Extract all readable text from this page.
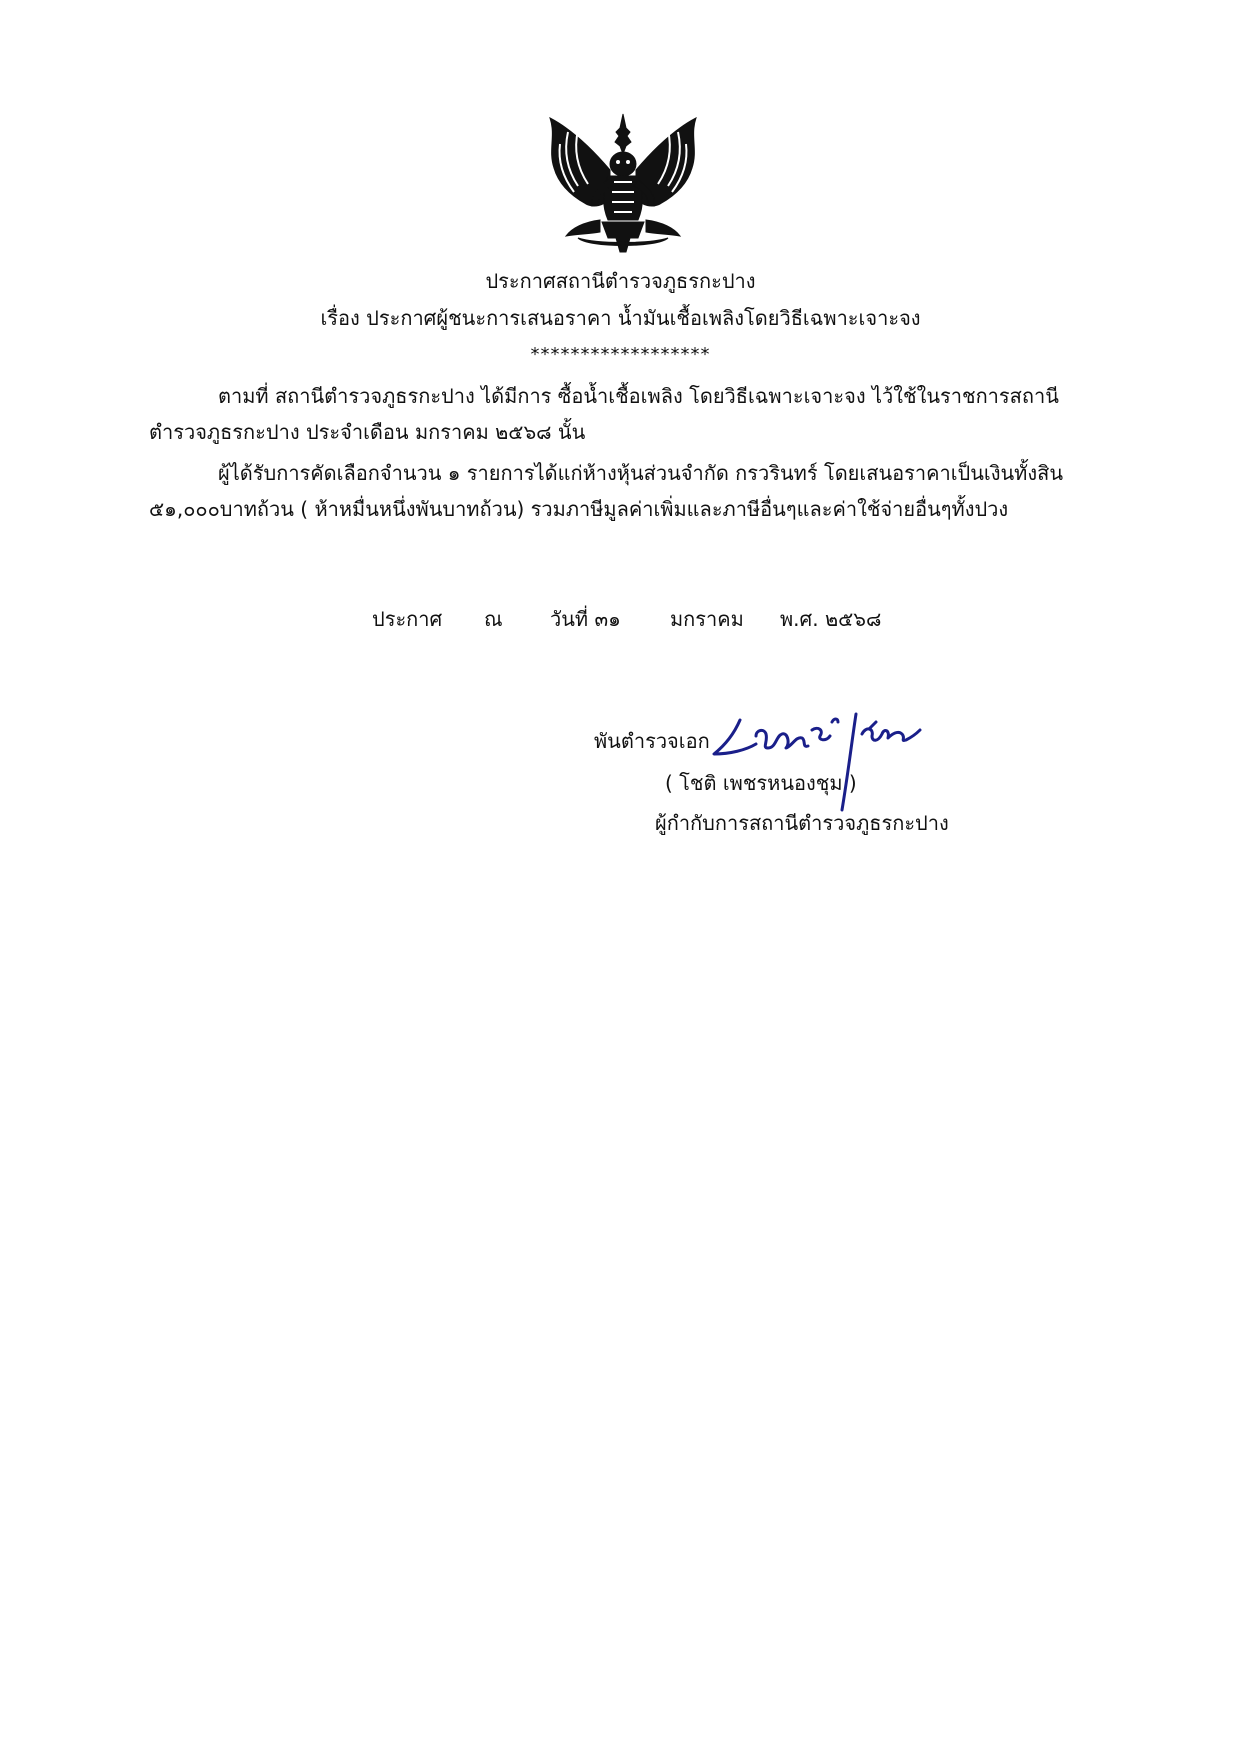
ประกาศสถานีตำรวจภูธรกะปาง
เรื่อง ประกาศผู้ชนะการเสนอราคา น้ำมันเชื้อเพลิงโดยวิธีเฉพาะเจาะจง
******************
ตามที่ สถานีตำรวจภูธรกะปาง ได้มีการ ซื้อน้ำเชื้อเพลิง โดยวิธีเฉพาะเจาะจง ไว้ใช้ในราชการสถานี
ตำรวจภูธรกะปาง ประจำเดือน มกราคม ๒๕๖๘ นั้น
ผู้ได้รับการคัดเลือกจำนวน ๑ รายการได้แก่ห้างหุ้นส่วนจำกัด กรวรินทร์ โดยเสนอราคาเป็นเงินทั้งสิน
๕๑,๐๐๐บาทถ้วน ( ห้าหมื่นหนึ่งพันบาทถ้วน) รวมภาษีมูลค่าเพิ่มและภาษีอื่นๆและค่าใช้จ่ายอื่นๆทั้งปวง
ประกาศ ณ วันที่ ๓๑ มกราคม พ.ศ. ๒๕๖๘
พันตำรวจเอก
( โชติ เพชรหนองชุม )
ผู้กำกับการสถานีตำรวจภูธรกะปาง
